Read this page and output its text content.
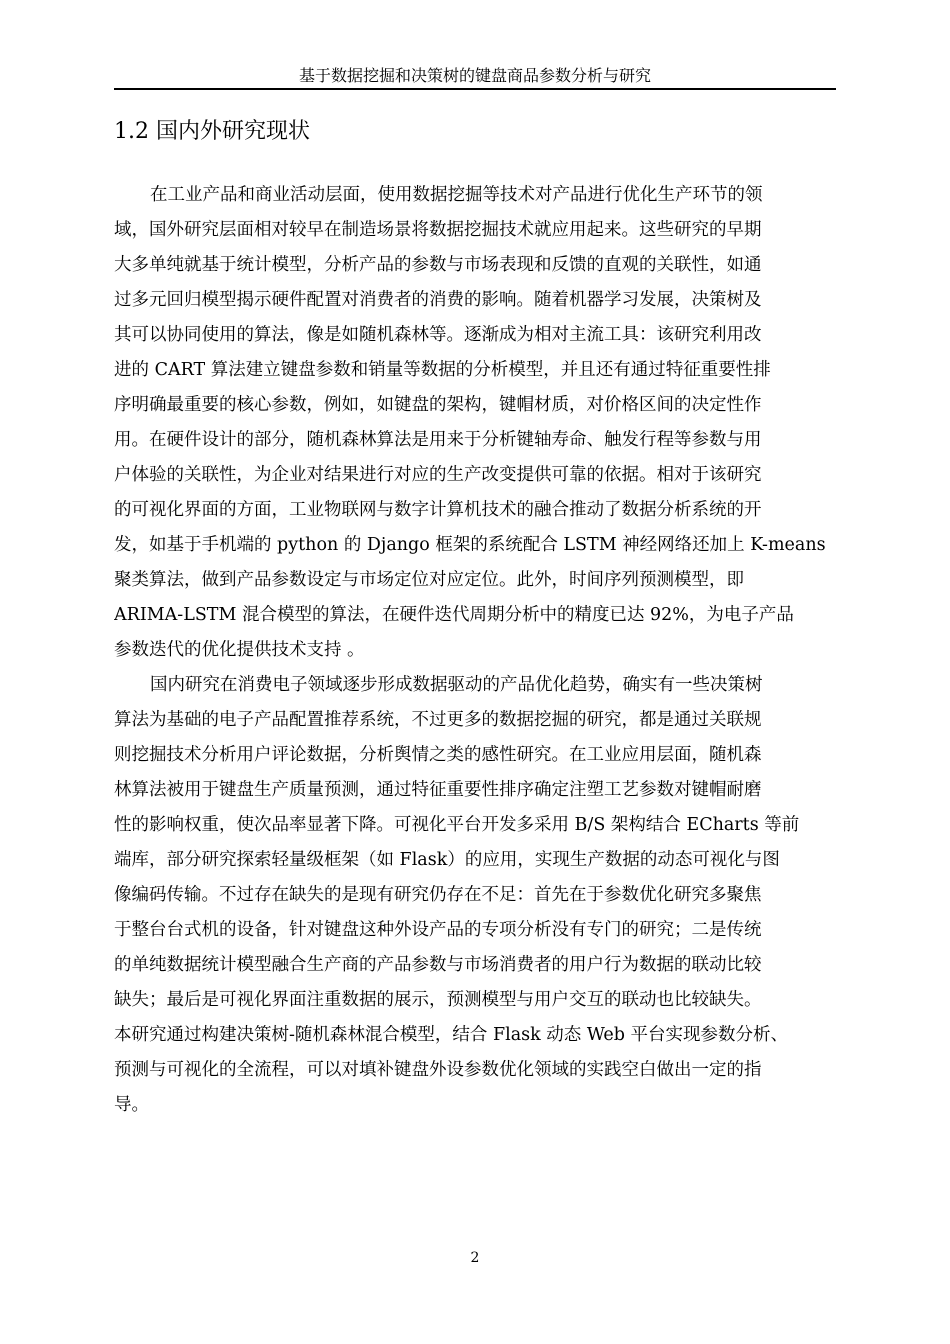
基于数据挖掘和决策树的键盘商品参数分析与研究
1.2 国内外研究现状
在工业产品和商业活动层面，使用数据挖掘等技术对产品进行优化生产环节的领
域，国外研究层面相对较早在制造场景将数据挖掘技术就应用起来。这些研究的早期
大多单纯就基于统计模型，分析产品的参数与市场表现和反馈的直观的关联性，如通
过多元回归模型揭示硬件配置对消费者的消费的影响。随着机器学习发展，决策树及
其可以协同使用的算法，像是如随机森林等。逐渐成为相对主流工具：该研究利用改
进的 CART 算法建立键盘参数和销量等数据的分析模型，并且还有通过特征重要性排
序明确最重要的核心参数，例如，如键盘的架构，键帽材质，对价格区间的决定性作
用。在硬件设计的部分，随机森林算法是用来于分析键轴寿命、触发行程等参数与用
户体验的关联性，为企业对结果进行对应的生产改变提供可靠的依据。相对于该研究
的可视化界面的方面，工业物联网与数字计算机技术的融合推动了数据分析系统的开
发，如基于手机端的 python 的 Django 框架的系统配合 LSTM 神经网络还加上 K-means
聚类算法，做到产品参数设定与市场定位对应定位。此外，时间序列预测模型，即
ARIMA-LSTM 混合模型的算法，在硬件迭代周期分析中的精度已达 92%，为电子产品
参数迭代的优化提供技术支持 。
国内研究在消费电子领域逐步形成数据驱动的产品优化趋势，确实有一些决策树
算法为基础的电子产品配置推荐系统，不过更多的数据挖掘的研究，都是通过关联规
则挖掘技术分析用户评论数据，分析舆情之类的感性研究。在工业应用层面，随机森
林算法被用于键盘生产质量预测，通过特征重要性排序确定注塑工艺参数对键帽耐磨
性的影响权重，使次品率显著下降。可视化平台开发多采用 B/S 架构结合 ECharts 等前
端库，部分研究探索轻量级框架（如 Flask）的应用，实现生产数据的动态可视化与图
像编码传输。不过存在缺失的是现有研究仍存在不足：首先在于参数优化研究多聚焦
于整台台式机的设备，针对键盘这种外设产品的专项分析没有专门的研究；二是传统
的单纯数据统计模型融合生产商的产品参数与市场消费者的用户行为数据的联动比较
缺失；最后是可视化界面注重数据的展示，预测模型与用户交互的联动也比较缺失。
本研究通过构建决策树-随机森林混合模型，结合 Flask 动态 Web 平台实现参数分析、
预测与可视化的全流程，可以对填补键盘外设参数优化领域的实践空白做出一定的指
导。
2
